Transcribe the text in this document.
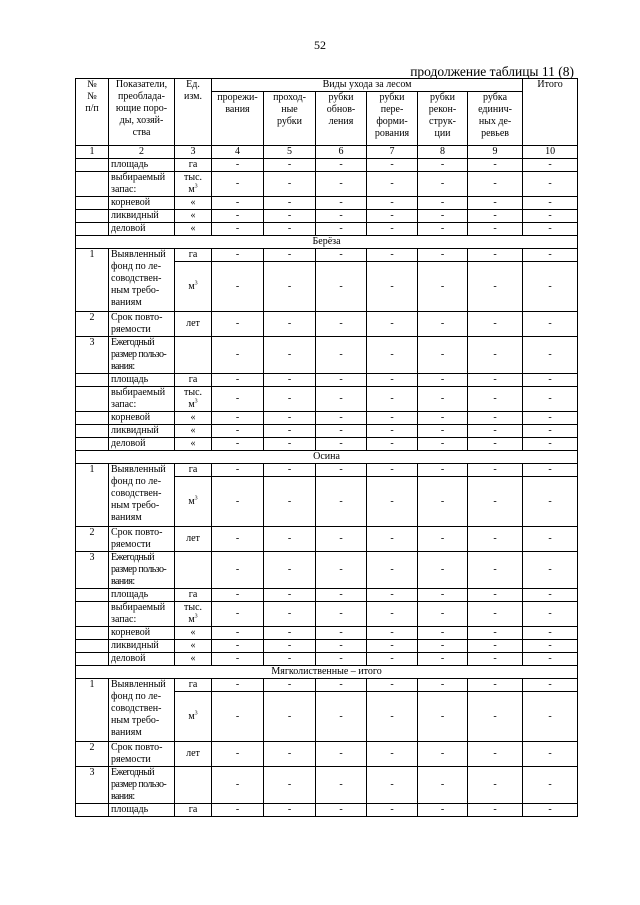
52
продолжение таблицы 11 (8)
№
№
п/п	Показатели,
преоблада-
ющие поро-
ды, хозяй-
ства	Ед.
изм.	Виды ухода за лесом						Итого
			прорежи-
вания	проход-
ные
рубки	рубки
обнов-
ления	рубки
пере-
форми-
рования	рубки
рекон-
струк-
ции	рубка
единич-
ных де-
ревьев	
1	2	3	4	5	6	7	8	9	10
	площадь	га	-	-	-	-	-	-	-
	выбираемый
запас:	тыс.
$м^3$	-	-	-	-	-	-	-
	корневой	«	-	-	-	-	-	-	-
	ликвидный	«	-	-	-	-	-	-	-
	деловой	«	-	-	-	-	-	-	-
Берёза									
1	Выявленный
фонд по ле-
соводствен-
ным требо-
ваниям	га	-	-	-	-	-	-	-
		$м^3$	-	-	-	-	-	-	-
2	Срок повто-
ряемости	лет	-	-	-	-	-	-	-
3	Ежегодный
размер пользо-
вания:		-	-	-	-	-	-	-
	площадь	га	-	-	-	-	-	-	-
	выбираемый
запас:	тыс.
$м^3$	-	-	-	-	-	-	-
	корневой	«	-	-	-	-	-	-	-
	ликвидный	«	-	-	-	-	-	-	-
	деловой	«	-	-	-	-	-	-	-
Осина									
1	Выявленный
фонд по ле-
соводствен-
ным требо-
ваниям	га	-	-	-	-	-	-	-
		$м^3$	-	-	-	-	-	-	-
2	Срок повто-
ряемости	лет	-	-	-	-	-	-	-
3	Ежегодный
размер пользо-
вания:		-	-	-	-	-	-	-
	площадь	га	-	-	-	-	-	-	-
	выбираемый
запас:	тыс.
$м^3$	-	-	-	-	-	-	-
	корневой	«	-	-	-	-	-	-	-
	ликвидный	«	-	-	-	-	-	-	-
	деловой	«	-	-	-	-	-	-	-
Мягколиственные – итого									
1	Выявленный
фонд по ле-
соводствен-
ным требо-
ваниям	га	-	-	-	-	-	-	-
		$м^3$	-	-	-	-	-	-	-
2	Срок повто-
ряемости	лет	-	-	-	-	-	-	-
3	Ежегодный
размер пользо-
вания:		-	-	-	-	-	-	-
	площадь	га	-	-	-	-	-	-	-
